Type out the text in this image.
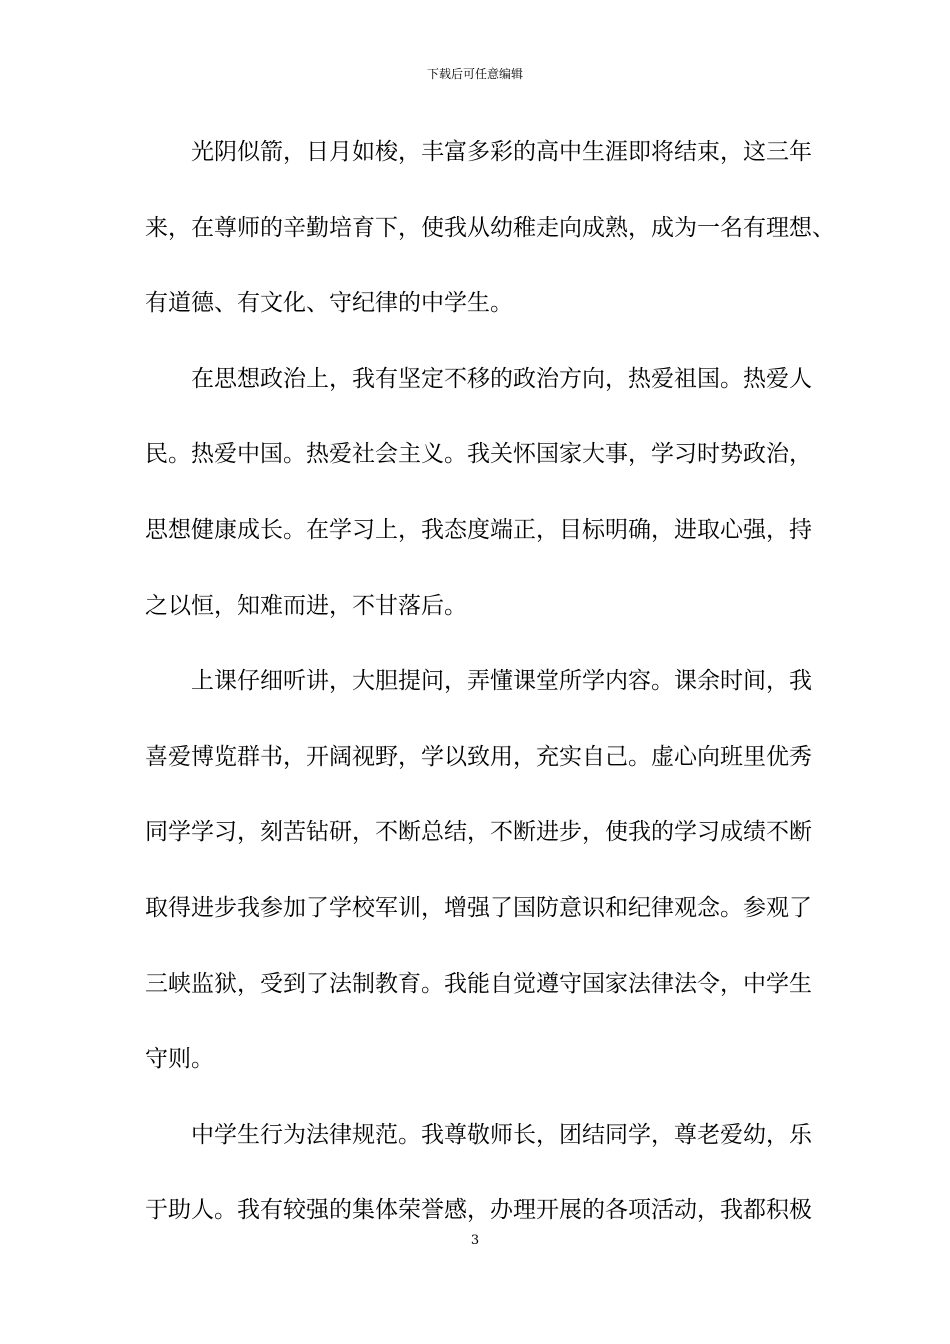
下载后可任意编辑
光阴似箭，日月如梭，丰富多彩的高中生涯即将结束，这三年
来，在尊师的辛勤培育下，使我从幼稚走向成熟，成为一名有理想、
有道德、有文化、守纪律的中学生。
在思想政治上，我有坚定不移的政治方向，热爱祖国。热爱人
民。热爱中国。热爱社会主义。我关怀国家大事，学习时势政治，
思想健康成长。在学习上，我态度端正，目标明确，进取心强，持
之以恒，知难而进，不甘落后。
上课仔细听讲，大胆提问，弄懂课堂所学内容。课余时间，我
喜爱博览群书，开阔视野，学以致用，充实自己。虚心向班里优秀
同学学习，刻苦钻研，不断总结，不断进步，使我的学习成绩不断
取得进步我参加了学校军训，增强了国防意识和纪律观念。参观了
三峡监狱，受到了法制教育。我能自觉遵守国家法律法令，中学生
守则。
中学生行为法律规范。我尊敬师长，团结同学，尊老爱幼，乐
于助人。我有较强的集体荣誉感，办理开展的各项活动，我都积极
3
